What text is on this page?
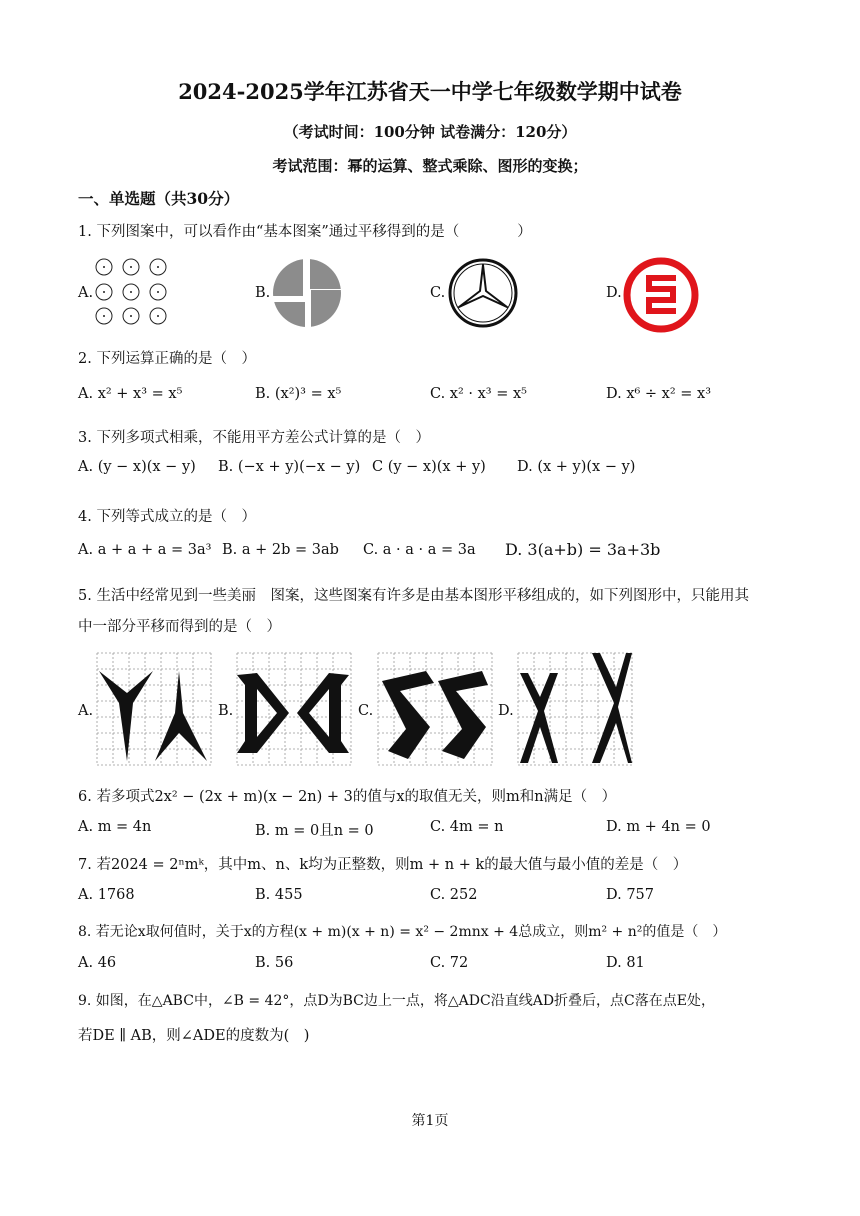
2024-2025学年江苏省天一中学七年级数学期中试卷
（考试时间：100分钟 试卷满分：120分）
考试范围：幂的运算、整式乘除、图形的变换；
一、单选题（共30分）
1. 下列图案中，可以看作由“基本图案”通过平移得到的是（　　　　）
A.	B.	C.	D.
2. 下列运算正确的是（　）
A. x² + x³ = x⁵	B. (x²)³ = x⁵	C. x² · x³ = x⁵	D. x⁶ ÷ x² = x³
3. 下列多项式相乘，不能用平方差公式计算的是（　）
A. (y − x)(x − y) B. (−x + y)(−x − y) C (y − x)(x + y) D. (x + y)(x − y)
4. 下列等式成立的是（　）
A. a + a + a = 3a³ B. a + 2b = 3ab C. a · a · a = 3a D. 3(a+b) = 3a+3b
5. 生活中经常见到一些美丽　图案，这些图案有许多是由基本图形平移组成的，如下列图形中，只能用其
中一部分平移而得到的是（　）
A.	B.	C.	D.
6. 若多项式2x² − (2x + m)(x − 2n) + 3的值与x的取值无关，则m和n满足（　）
A. m = 4n	B. m = 0且n = 0	C. 4m = n	D. m + 4n = 0
7. 若2024 = 2ⁿmᵏ，其中m、n、k均为正整数，则m + n + k的最大值与最小值的差是（　）
A. 1768	B. 455	C. 252	D. 757
8. 若无论x取何值时，关于x的方程(x + m)(x + n) = x² − 2mnx + 4总成立，则m² + n²的值是（　）
A. 46	B. 56	C. 72	D. 81
9. 如图，在△ABC中，∠B = 42°，点D为BC边上一点，将△ADC沿直线AD折叠后，点C落在点E处，
若DE ∥ AB，则∠ADE的度数为(　)
第1页
